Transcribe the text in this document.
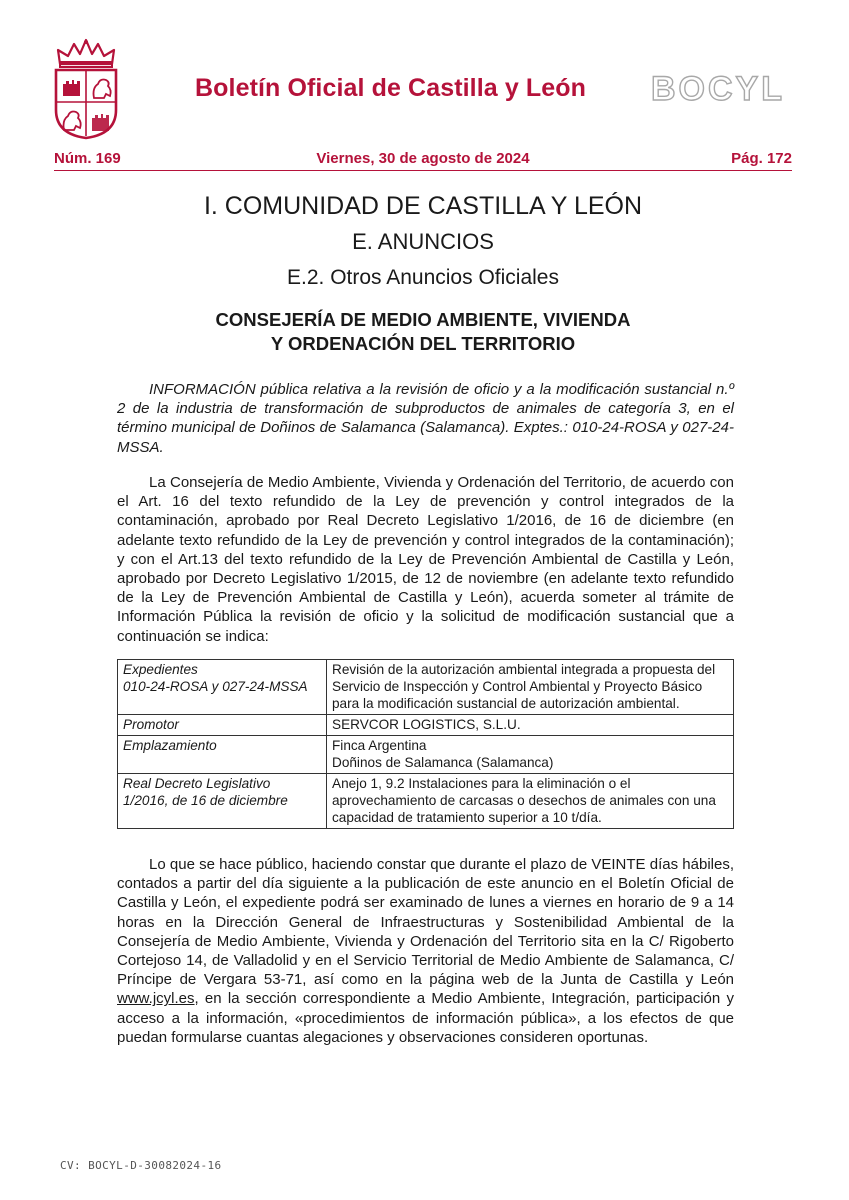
Boletín Oficial de Castilla y León BOCYL
Núm. 169	Viernes, 30 de agosto de 2024	Pág. 172
I. COMUNIDAD DE CASTILLA Y LEÓN
E. ANUNCIOS
E.2. Otros Anuncios Oficiales
CONSEJERÍA DE MEDIO AMBIENTE, VIVIENDA
Y ORDENACIÓN DEL TERRITORIO
INFORMACIÓN pública relativa a la revisión de oficio y a la modificación sustancial n.º 2 de la industria de transformación de subproductos de animales de categoría 3, en el término municipal de Doñinos de Salamanca (Salamanca). Exptes.: 010-24-ROSA y 027-24-MSSA.
La Consejería de Medio Ambiente, Vivienda y Ordenación del Territorio, de acuerdo con el Art. 16 del texto refundido de la Ley de prevención y control integrados de la contaminación, aprobado por Real Decreto Legislativo 1/2016, de 16 de diciembre (en adelante texto refundido de la Ley de prevención y control integrados de la contaminación); y con el Art.13 del texto refundido de la Ley de Prevención Ambiental de Castilla y León, aprobado por Decreto Legislativo 1/2015, de 12 de noviembre (en adelante texto refundido de la Ley de Prevención Ambiental de Castilla y León), acuerda someter al trámite de Información Pública la revisión de oficio y la solicitud de modificación sustancial que a continuación se indica:
Expedientes
010-24-ROSA y 027-24-MSSA	Revisión de la autorización ambiental integrada a propuesta del Servicio de Inspección y Control Ambiental y Proyecto Básico para la modificación sustancial de autorización ambiental.

Promotor	SERVCOR LOGISTICS, S.L.U.

Emplazamiento	Finca Argentina
Doñinos de Salamanca (Salamanca)

Real Decreto Legislativo
1/2016, de 16 de diciembre	Anejo 1, 9.2 Instalaciones para la eliminación o el aprovechamiento de carcasas o desechos de animales con una capacidad de tratamiento superior a 10 t/día.
Lo que se hace público, haciendo constar que durante el plazo de VEINTE días hábiles, contados a partir del día siguiente a la publicación de este anuncio en el Boletín Oficial de Castilla y León, el expediente podrá ser examinado de lunes a viernes en horario de 9 a 14 horas en la Dirección General de Infraestructuras y Sostenibilidad Ambiental de la Consejería de Medio Ambiente, Vivienda y Ordenación del Territorio sita en la C/ Rigoberto Cortejoso 14, de Valladolid y en el Servicio Territorial de Medio Ambiente de Salamanca, C/ Príncipe de Vergara 53-71, así como en la página web de la Junta de Castilla y León www.jcyl.es, en la sección correspondiente a Medio Ambiente, Integración, participación y acceso a la información, «procedimientos de información pública», a los efectos de que puedan formularse cuantas alegaciones y observaciones consideren oportunas.
CV: BOCYL-D-30082024-16
